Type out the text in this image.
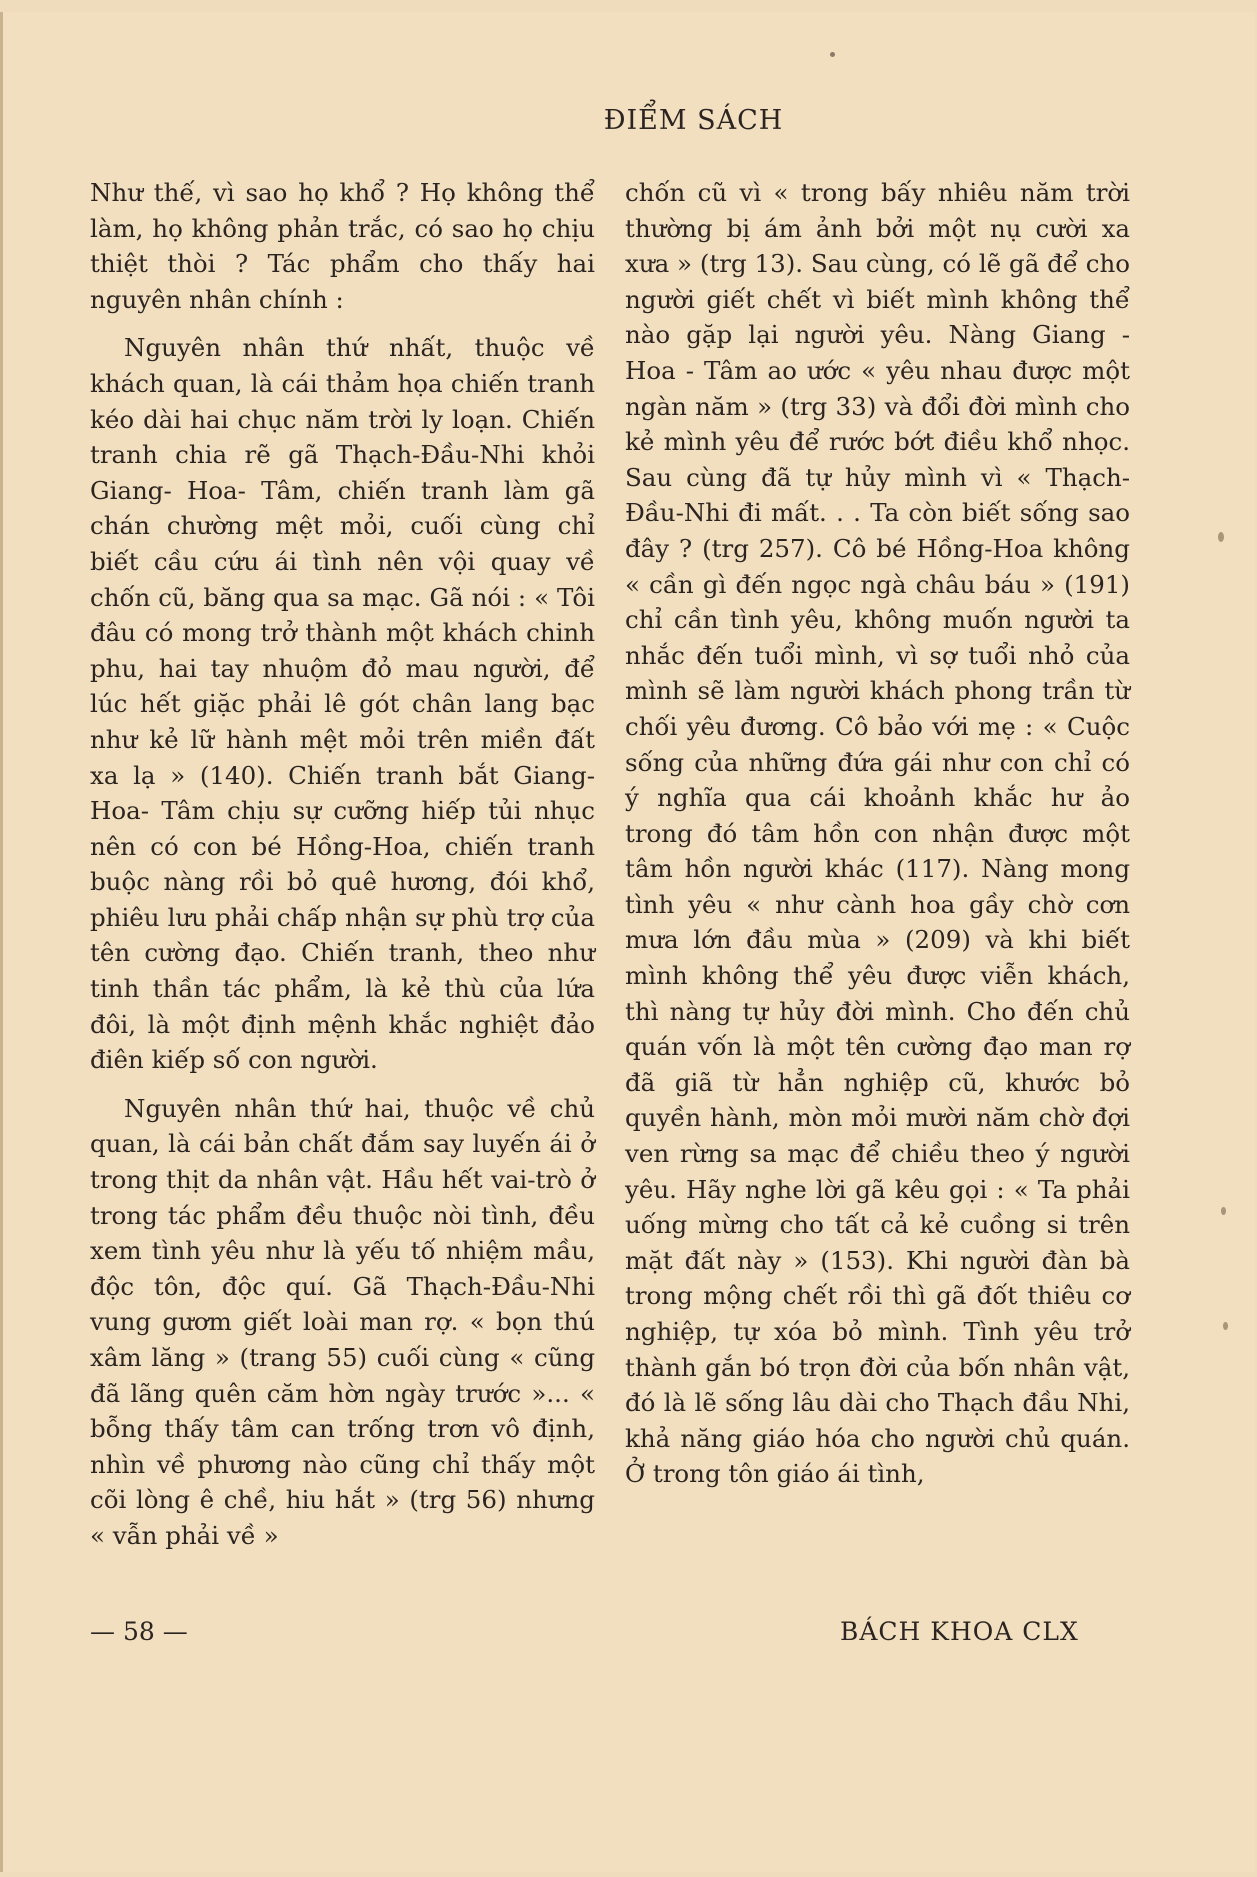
ĐIỂM SÁCH

Như thế, vì sao họ khổ ? Họ không thể làm, họ không phản trắc, có sao họ chịu thiệt thòi ? Tác phẩm cho thấy hai nguyên nhân chính :

Nguyên nhân thứ nhất, thuộc về khách quan, là cái thảm họa chiến tranh kéo dài hai chục năm trời ly loạn. Chiến tranh chia rẽ gã Thạch-Đầu-Nhi khỏi Giang- Hoa- Tâm, chiến tranh làm gã chán chường mệt mỏi, cuối cùng chỉ biết cầu cứu ái tình nên vội quay về chốn cũ, băng qua sa mạc. Gã nói : « Tôi đâu có mong trở thành một khách chinh phu, hai tay nhuộm đỏ mau người, để lúc hết giặc phải lê gót chân lang bạc như kẻ lữ hành mệt mỏi trên miền đất xa lạ » (140). Chiến tranh bắt Giang-Hoa- Tâm chịu sự cưỡng hiếp tủi nhục nên có con bé Hồng-Hoa, chiến tranh buộc nàng rồi bỏ quê hương, đói khổ, phiêu lưu phải chấp nhận sự phù trợ của tên cường đạo. Chiến tranh, theo như tinh thần tác phẩm, là kẻ thù của lứa đôi, là một định mệnh khắc nghiệt đảo điên kiếp số con người.

Nguyên nhân thứ hai, thuộc về chủ quan, là cái bản chất đắm say luyến ái ở trong thịt da nhân vật. Hầu hết vai-trò ở trong tác phẩm đều thuộc nòi tình, đều xem tình yêu như là yếu tố nhiệm mầu, độc tôn, độc quí. Gã Thạch-Đầu-Nhi vung gươm giết loài man rợ. « bọn thú xâm lăng » (trang 55) cuối cùng « cũng đã lãng quên căm hờn ngày trước »... « bỗng thấy tâm can trống trơn vô định, nhìn về phương nào cũng chỉ thấy một cõi lòng ê chề, hiu hắt » (trg 56) nhưng « vẫn phải về »

chốn cũ vì « trong bấy nhiêu năm trời thường bị ám ảnh bởi một nụ cười xa xưa » (trg 13). Sau cùng, có lẽ gã để cho người giết chết vì biết mình không thể nào gặp lại người yêu. Nàng Giang - Hoa - Tâm ao ước « yêu nhau được một ngàn năm » (trg 33) và đổi đời mình cho kẻ mình yêu để rước bớt điều khổ nhọc. Sau cùng đã tự hủy mình vì « Thạch-Đầu-Nhi đi mất. . . Ta còn biết sống sao đây ? (trg 257). Cô bé Hồng-Hoa không « cần gì đến ngọc ngà châu báu » (191) chỉ cần tình yêu, không muốn người ta nhắc đến tuổi mình, vì sợ tuổi nhỏ của mình sẽ làm người khách phong trần từ chối yêu đương. Cô bảo với mẹ : « Cuộc sống của những đứa gái như con chỉ có ý nghĩa qua cái khoảnh khắc hư ảo trong đó tâm hồn con nhận được một tâm hồn người khác (117). Nàng mong tình yêu « như cành hoa gầy chờ cơn mưa lớn đầu mùa » (209) và khi biết mình không thể yêu được viễn khách, thì nàng tự hủy đời mình. Cho đến chủ quán vốn là một tên cường đạo man rợ đã giã từ hẳn nghiệp cũ, khước bỏ quyền hành, mòn mỏi mười năm chờ đợi ven rừng sa mạc để chiều theo ý người yêu. Hãy nghe lời gã kêu gọi : « Ta phải uống mừng cho tất cả kẻ cuồng si trên mặt đất này » (153). Khi người đàn bà trong mộng chết rồi thì gã đốt thiêu cơ nghiệp, tự xóa bỏ mình. Tình yêu trở thành gắn bó trọn đời của bốn nhân vật, đó là lẽ sống lâu dài cho Thạch đầu Nhi, khả năng giáo hóa cho người chủ quán. Ở trong tôn giáo ái tình,

— 58 —	BÁCH KHOA CLX
